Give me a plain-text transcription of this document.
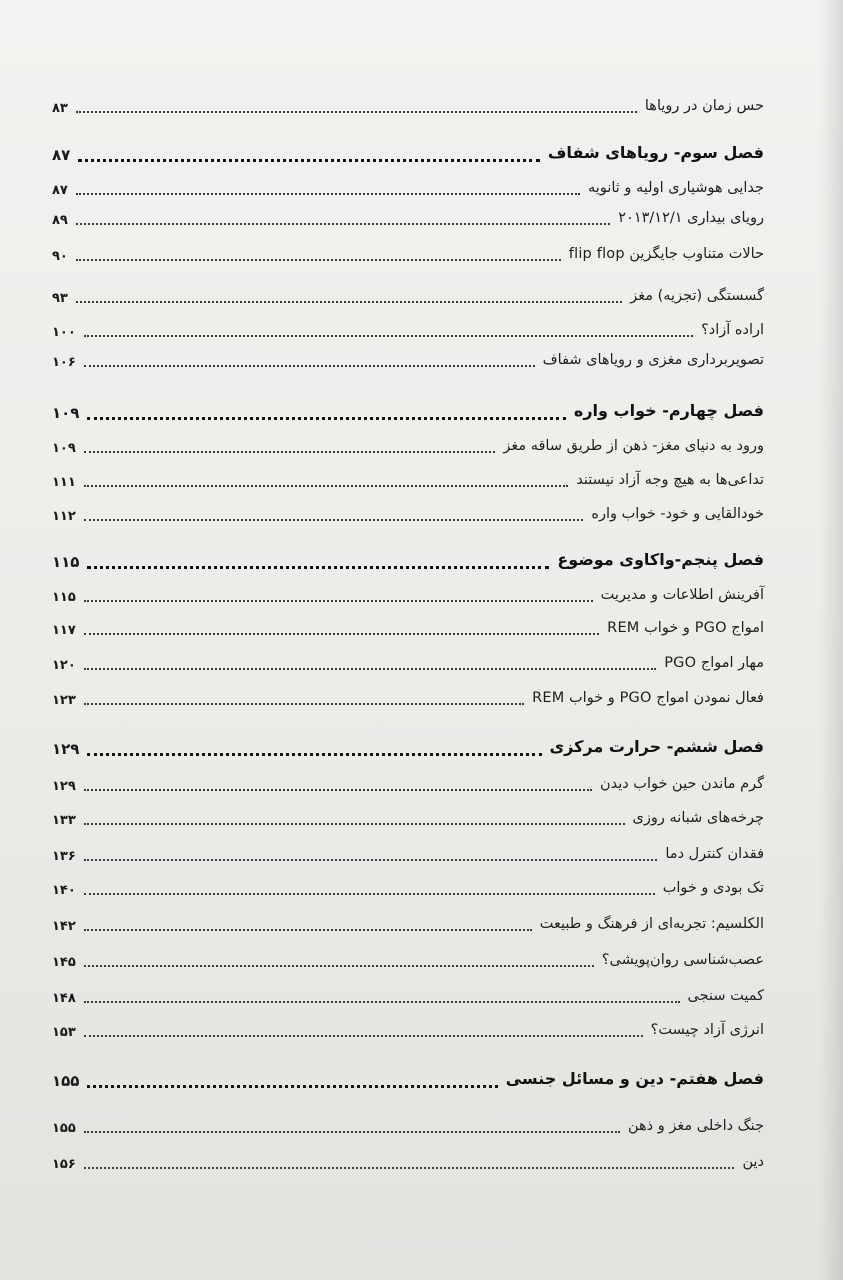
۸۳	حس زمان در رویاها
۸۷	فصل سوم- رویاهای شفاف
۸۷	جدایی هوشیاری اولیه و ثانویه
۸۹	رویای بیداری ۲۰۱۳/۱۲/۱
۹۰	حالات متناوب جایگزین flip flop
۹۳	گسستگی (تجزیه) مغز
۱۰۰	اراده آزاد؟
۱۰۶	تصویربرداری مغزی و رویاهای شفاف
۱۰۹	فصل چهارم- خواب واره
۱۰۹	ورود به دنیای مغز- ذهن از طریق ساقه مغز
۱۱۱	تداعی‌ها به هیچ وجه آزاد نیستند
۱۱۲	خودالقایی و خود- خواب واره
۱۱۵	فصل پنجم-واکاوی موضوع
۱۱۵	آفرینش اطلاعات و مدیریت
۱۱۷	امواج PGO و خواب REM
۱۲۰	مهار امواج PGO
۱۲۳	فعال نمودن امواج PGO و خواب REM
۱۲۹	فصل ششم- حرارت مرکزی
۱۲۹	گرم ماندن حین خواب دیدن
۱۳۳	چرخه‌های شبانه روزی
۱۳۶	فقدان کنترل دما
۱۴۰	تک بودی و خواب
۱۴۲	الکلسیم: تجربه‌ای از فرهنگ و طبیعت
۱۴۵	عصب‌شناسی روان‌پویشی؟
۱۴۸	کمیت سنجی
۱۵۳	انرژی آزاد چیست؟
۱۵۵	فصل هفتم- دین و مسائل جنسی
۱۵۵	جنگ داخلی مغز و ذهن
۱۵۶	دین
